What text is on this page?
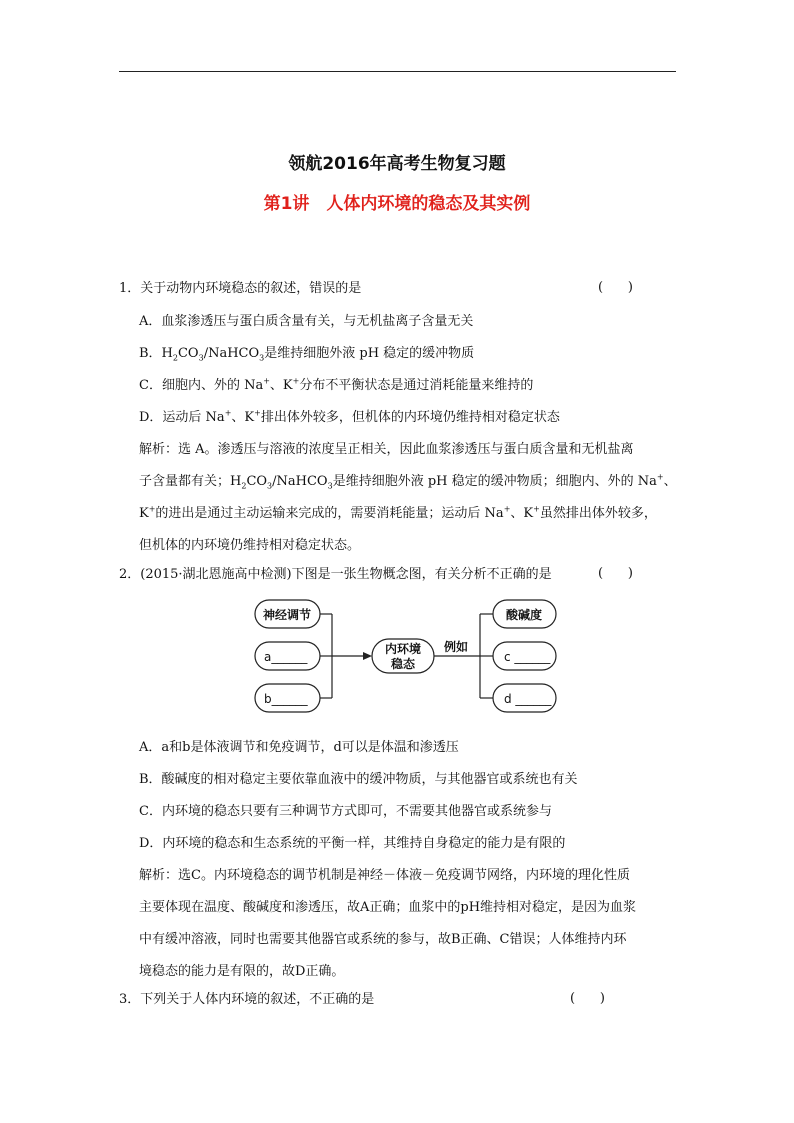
领航2016年高考生物复习题
第1讲　人体内环境的稳态及其实例
1．关于动物内环境稳态的叙述，错误的是	(      )
A．血浆渗透压与蛋白质含量有关，与无机盐离子含量无关
B．$H_2CO_3/NaHCO_3$是维持细胞外液 pH 稳定的缓冲物质
C．细胞内、外的 Na+、K+分布不平衡状态是通过消耗能量来维持的
D．运动后 Na+、K+排出体外较多，但机体的内环境仍维持相对稳定状态
解析：选 A。渗透压与溶液的浓度呈正相关，因此血浆渗透压与蛋白质含量和无机盐离
子含量都有关；$H_2CO_3/NaHCO_3$是维持细胞外液 pH 稳定的缓冲物质；细胞内、外的 Na+、
K+的进出是通过主动运输来完成的，需要消耗能量；运动后 Na+、K+虽然排出体外较多，
但机体的内环境仍维持相对稳定状态。
2．(2015·湖北恩施高中检测)下图是一张生物概念图，有关分析不正确的是	(      )
神经调节
a______
b______
内环境
稳态
例如
酸碱度
c ______
d ______
A．a和b是体液调节和免疫调节，d可以是体温和渗透压
B．酸碱度的相对稳定主要依靠血液中的缓冲物质，与其他器官或系统也有关
C．内环境的稳态只要有三种调节方式即可，不需要其他器官或系统参与
D．内环境的稳态和生态系统的平衡一样，其维持自身稳定的能力是有限的
解析：选C。内环境稳态的调节机制是神经－体液－免疫调节网络，内环境的理化性质
主要体现在温度、酸碱度和渗透压，故A正确；血浆中的pH维持相对稳定，是因为血浆
中有缓冲溶液，同时也需要其他器官或系统的参与，故B正确、C错误；人体维持内环
境稳态的能力是有限的，故D正确。
3．下列关于人体内环境的叙述，不正确的是	(      )
